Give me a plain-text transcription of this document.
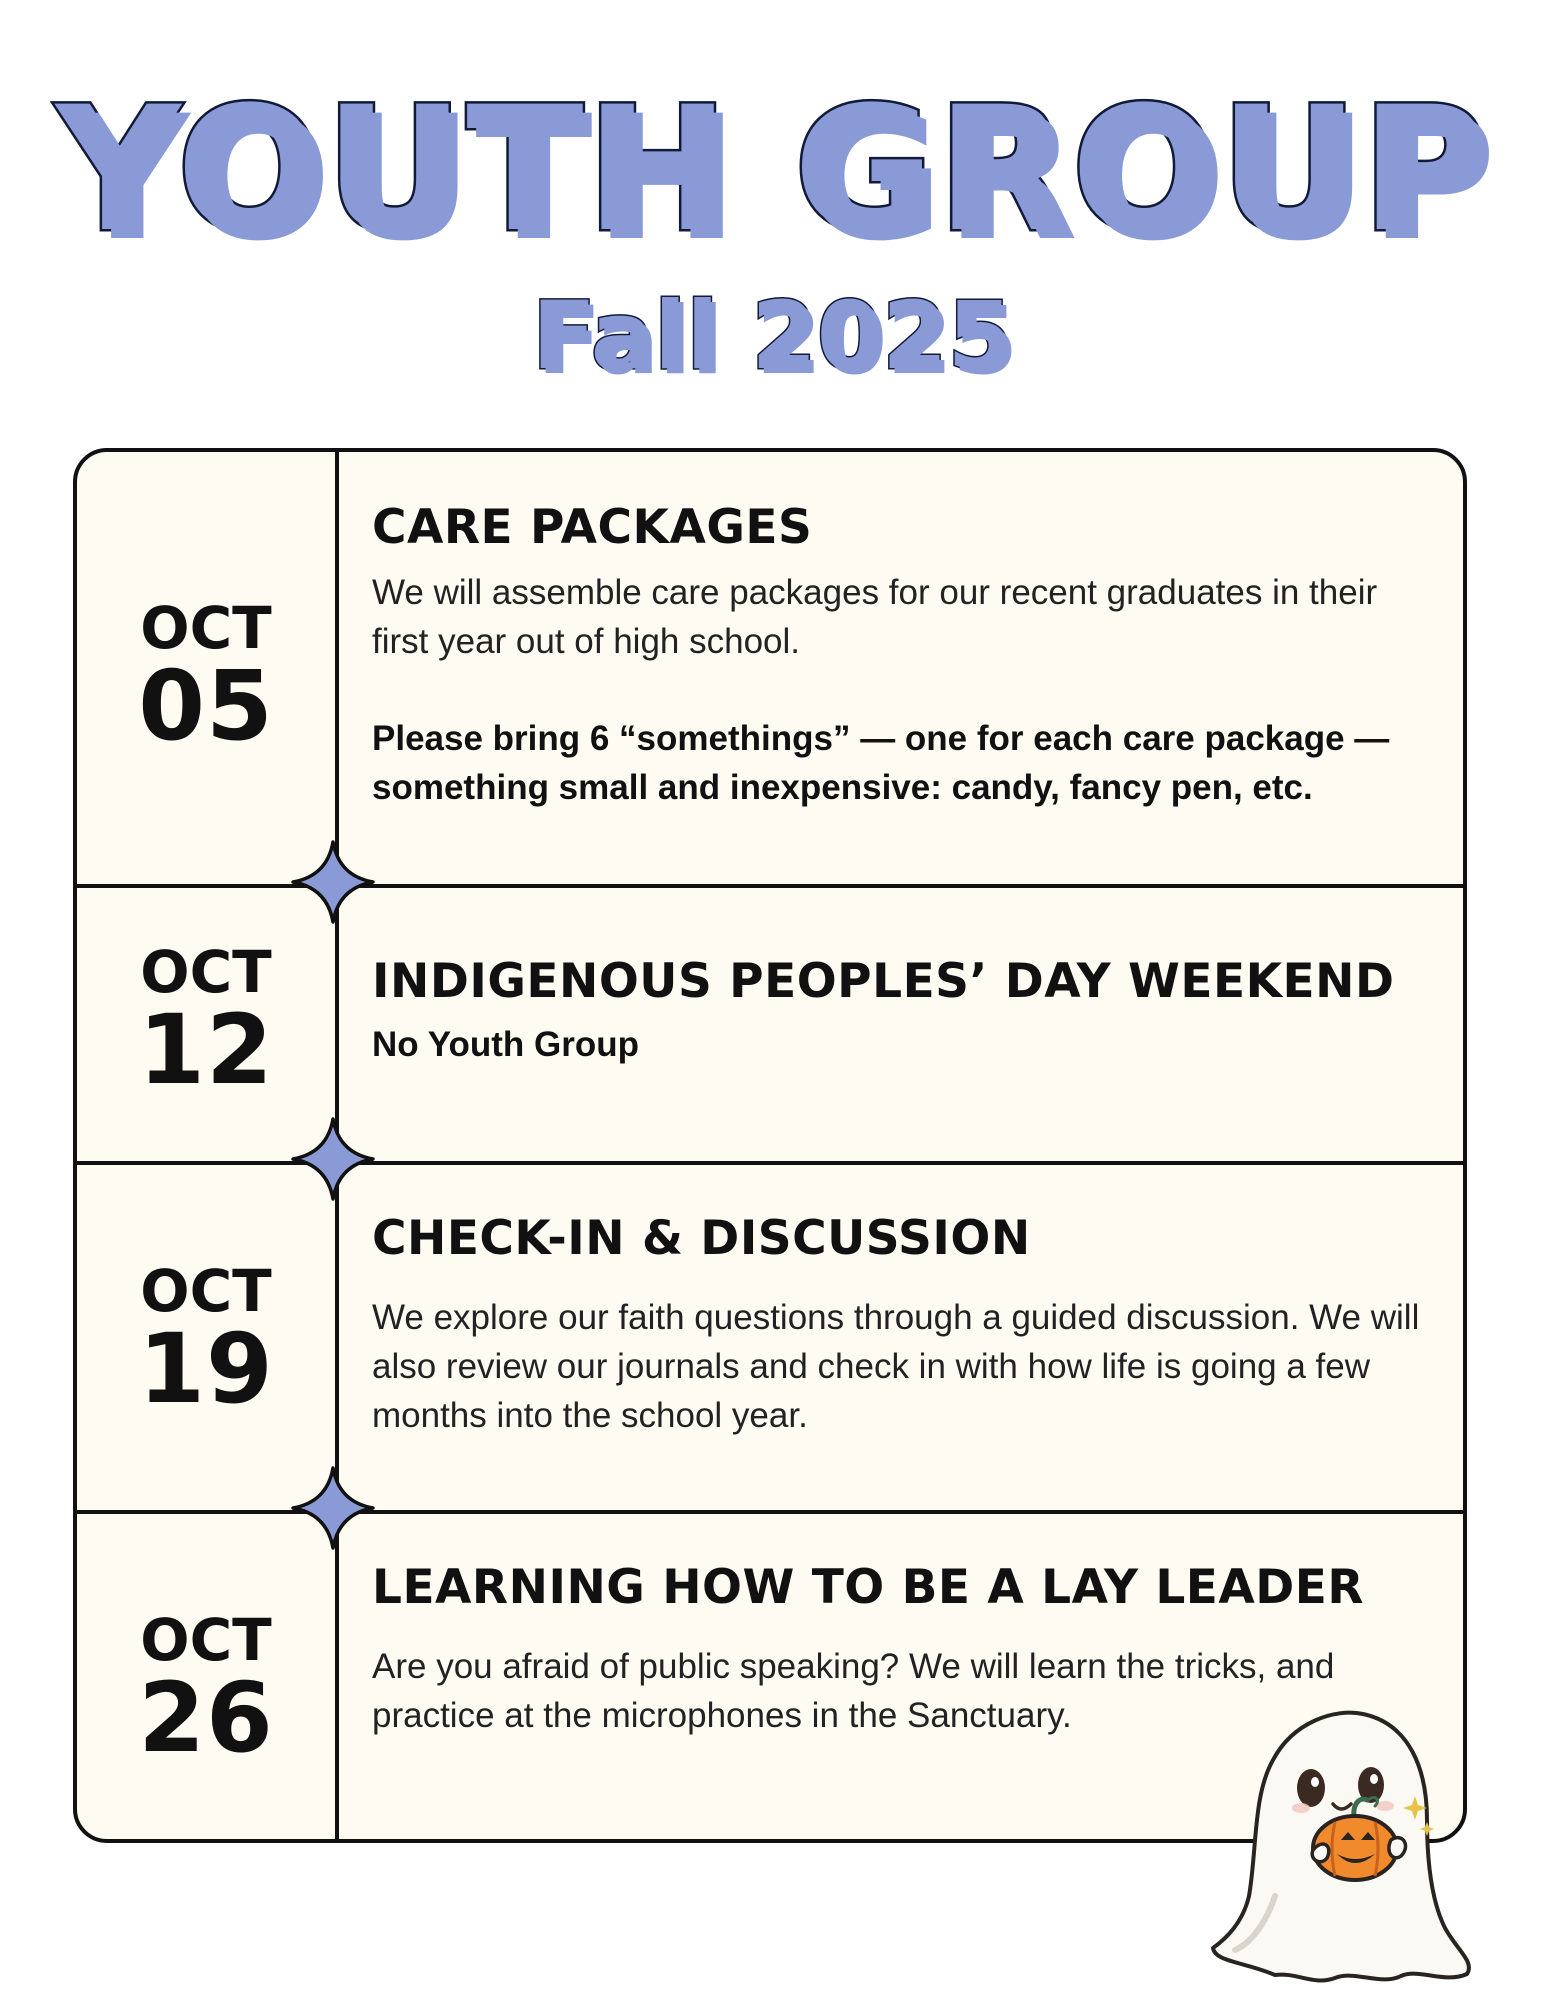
YOUTH GROUP
Fall 2025
OCT
05
CARE PACKAGES

We will assemble care packages for our recent graduates in their first year out of high school.

Please bring 6 “somethings” — one for each care package — something small and inexpensive: candy, fancy pen, etc.

OCT
12
INDIGENOUS PEOPLES’ DAY WEEKEND

No Youth Group

OCT
19
CHECK-IN & DISCUSSION

We explore our faith questions through a guided discussion. We will also review our journals and check in with how life is going a few months into the school year.

OCT
26
LEARNING HOW TO BE A LAY LEADER

Are you afraid of public speaking? We will learn the tricks, and practice at the microphones in the Sanctuary.
